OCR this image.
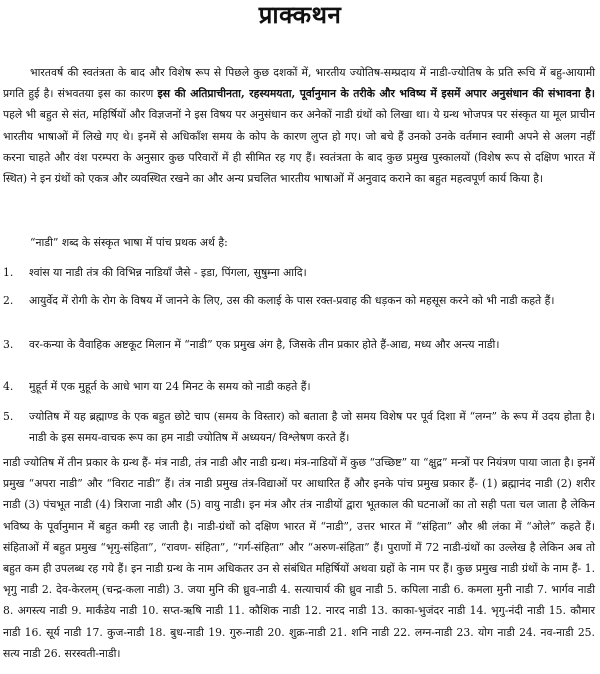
प्राक्कथन

भारतवर्ष की स्वतंत्रता के बाद और विशेष रूप से पिछले कुछ दशकों में, भारतीय ज्योतिष-सम्प्रदाय में नाडी-ज्योतिष के प्रति रूचि में बहु-आयामी प्रगति हुई है। संभवतया इस का कारण इस की अतिप्राचीनता, रहस्यमयता, पूर्वानुमान के तरीके और भविष्य में इसमें अपार अनुसंधान की संभावना है। पहले भी बहुत से संत, महिर्षियों और विज्ञजनों ने इस विषय पर अनुसंधान कर अनेकों नाडी ग्रंथों को लिखा था। ये ग्रन्थ भोजपत्र पर संस्कृत या मूल प्राचीन भारतीय भाषाओं में लिखे गए थे। इनमें से अधिकाँश समय के कोप के कारण लुप्त हो गए। जो बचे हैं उनको उनके वर्तमान स्वामी अपने से अलग नहीं करना चाहते और वंश परम्परा के अनुसार कुछ परिवारों में ही सीमित रह गए हैं। स्वतंत्रता के बाद कुछ प्रमुख पुस्कालयों (विशेष रूप से दक्षिण भारत में स्थित) ने इन ग्रंथों को एकत्र और व्यवस्थित रखने का और अन्य प्रचलित भारतीय भाषाओं में अनुवाद कराने का बहुत महत्वपूर्ण कार्य किया है।

“नाडी” शब्द के संस्कृत भाषा में पांच प्रथक अर्थ है:

1.	श्वांस या नाडी तंत्र की विभिन्न नाडियाँ जैसे - इडा, पिंगला, सुषुम्ना आदि।
2.	आयुर्वेद में रोगी के रोग के विषय में जानने के लिए, उस की कलाई के पास रक्त-प्रवाह की धड़कन को महसूस करने को भी नाडी कहते हैं।
3.	वर-कन्या के वैवाहिक अष्टकूट मिलान में “नाडी” एक प्रमुख अंग है, जिसके तीन प्रकार होते हैं-आद्य, मध्य और अन्त्य नाडी।
4.	मुहूर्त में एक मुहूर्त के आधे भाग या 24 मिनट के समय को नाडी कहते हैं।
5.	ज्योतिष में यह ब्रह्माण्ड के एक बहुत छोटे चाप (समय के विस्तार) को बताता है जो समय विशेष पर पूर्व दिशा में “लग्न” के रूप में उदय होता है। नाडी के इस समय-वाचक रूप का हम नाडी ज्योतिष में अध्ययन/ विश्लेषण करते हैं।

नाडी ज्योतिष में तीन प्रकार के ग्रन्थ हैं- मंत्र नाडी, तंत्र नाडी और नाडी ग्रन्थ। मंत्र-नाडियों में कुछ “उच्छिष्ट” या “क्षुद्र” मन्त्रों पर नियंत्रण पाया जाता है। इनमें प्रमुख “अपरा नाडी” और “विराट नाडी” हैं। तंत्र नाडी प्रमुख तंत्र-विद्याओं पर आधारित हैं और इनके पांच प्रमुख प्रकार हैं- (1) ब्रह्मानंद नाडी (2) शरीर नाडी (3) पंचभूत नाडी (4) त्रिराजा नाडी और (5) वायु नाडी। इन मंत्र और तंत्र नाडीयों द्वारा भूतकाल की घटनाओं का तो सही पता चल जाता है लेकिन भविष्य के पूर्वानुमान में बहुत कमी रह जाती है। नाडी-ग्रंथों को दक्षिण भारत में “नाडी”, उत्तर भारत में “संहिता” और श्री लंका में “ओले” कहते हैं। संहिताओं में बहुत प्रमुख “भृगु-संहिता”, “रावण- संहिता”, “गर्ग-संहिता” और “अरुण-संहिता” हैं। पुराणों में 72 नाडी-ग्रंथों का उल्लेख है लेकिन अब तो बहुत कम ही उपलब्ध रह गये हैं। इन नाडी ग्रन्थ के नाम अधिकतर उन से संबंधित महिर्षियों अथवा ग्रहों के नाम पर हैं। कुछ प्रमुख नाडी ग्रंथों के नाम हैं- 1. भृगु नाडी 2. देव-केरलम् (चन्द्र-कला नाडी) 3. जया मुनि की ध्रुव-नाडी 4. सत्याचार्य की ध्रुव नाडी 5. कपिला नाडी 6. कमला मुनी नाडी 7. भार्गव नाडी 8. अगस्त्य नाडी 9. मार्कंडेय नाडी 10. सप्त-ऋषि नाडी 11. कौशिक नाडी 12. नारद नाडी 13. काका-भुजंदर नाडी 14. भृगु-नंदी नाडी 15. कौमार नाडी 16. सूर्य नाडी 17. कुज-नाडी 18. बुध-नाडी 19. गुरु-नाडी 20. शुक्र-नाडी 21. शनि नाडी 22. लग्न-नाडी 23. योग नाडी 24. नव-नाडी 25. सत्य नाडी 26. सरस्वती-नाडी।
